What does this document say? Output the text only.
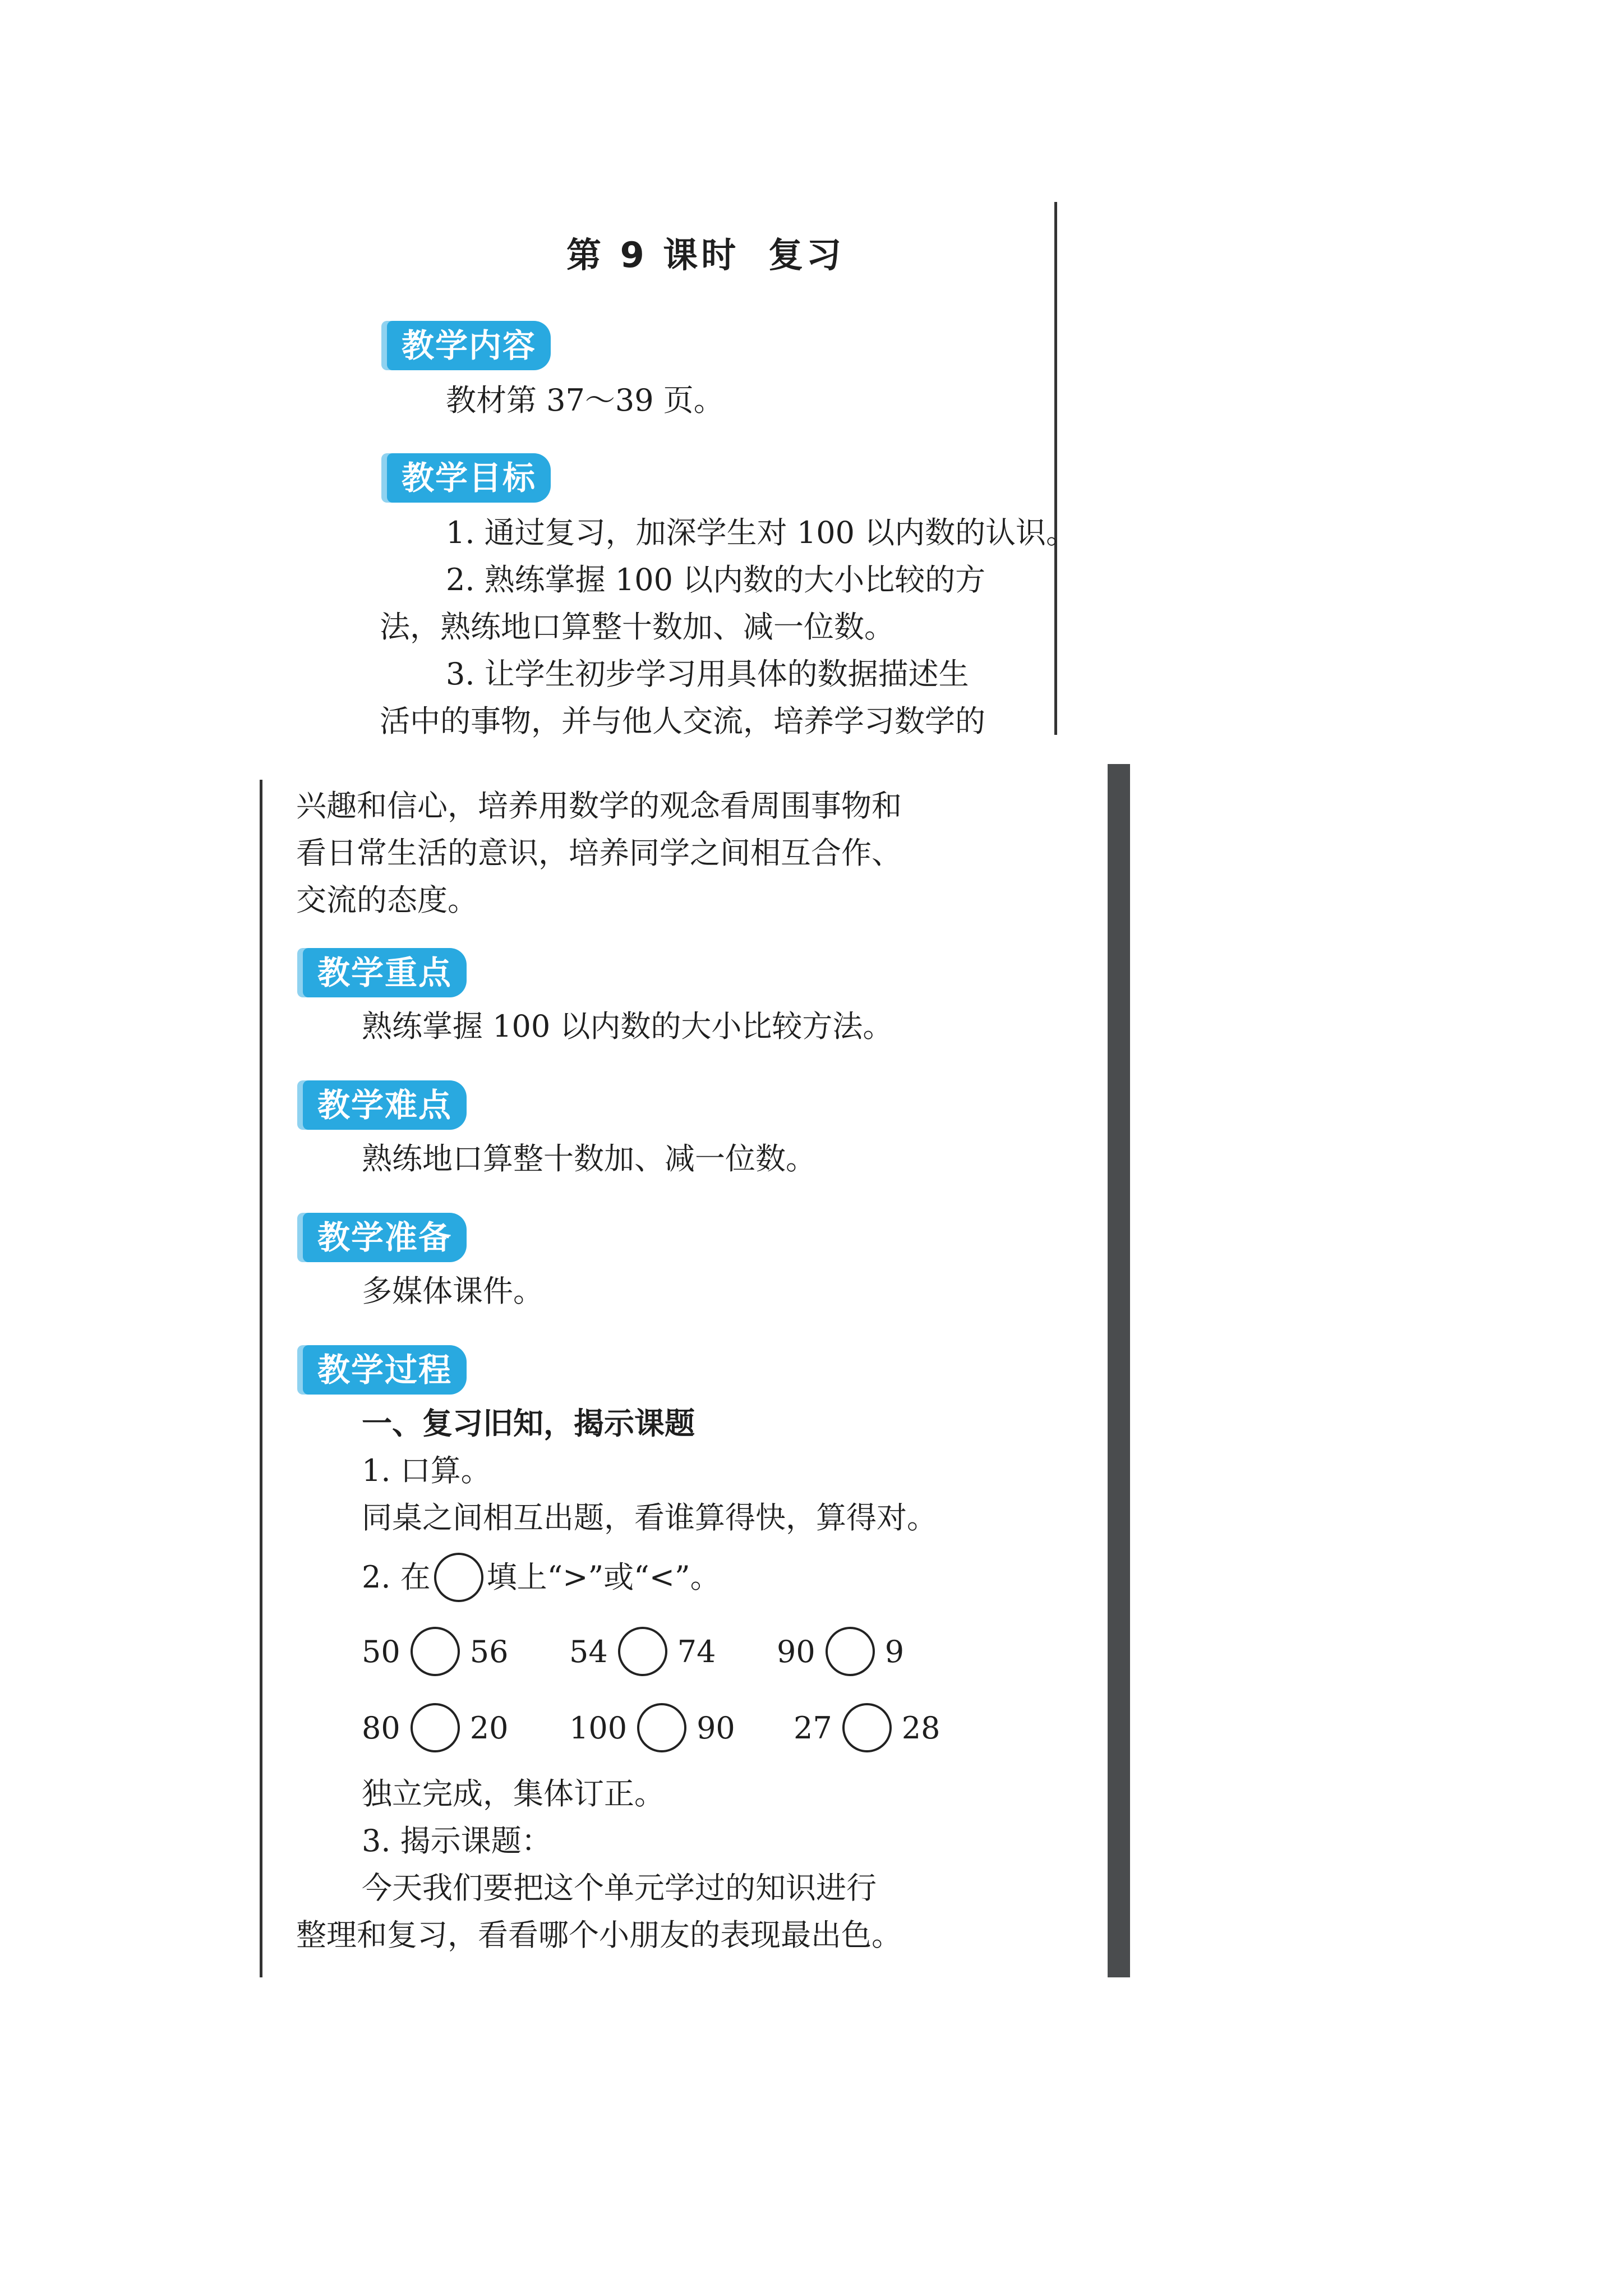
第 9 课时 复习
教学内容
教材第 37～39 页。
教学目标
1. 通过复习，加深学生对 100 以内数的认识。
2. 熟练掌握 100 以内数的大小比较的方
法，熟练地口算整十数加、减一位数。
3. 让学生初步学习用具体的数据描述生
活中的事物，并与他人交流，培养学习数学的
兴趣和信心，培养用数学的观念看周围事物和
看日常生活的意识，培养同学之间相互合作、
交流的态度。
教学重点
熟练掌握 100 以内数的大小比较方法。
教学难点
熟练地口算整十数加、减一位数。
教学准备
多媒体课件。
教学过程
一、复习旧知，揭示课题
1. 口算。
同桌之间相互出题，看谁算得快，算得对。
2. 在 填上“>”或“<”。
50 56 54 74 90 9
80 20 100 90 27 28
独立完成，集体订正。
3. 揭示课题：
今天我们要把这个单元学过的知识进行
整理和复习，看看哪个小朋友的表现最出色。
